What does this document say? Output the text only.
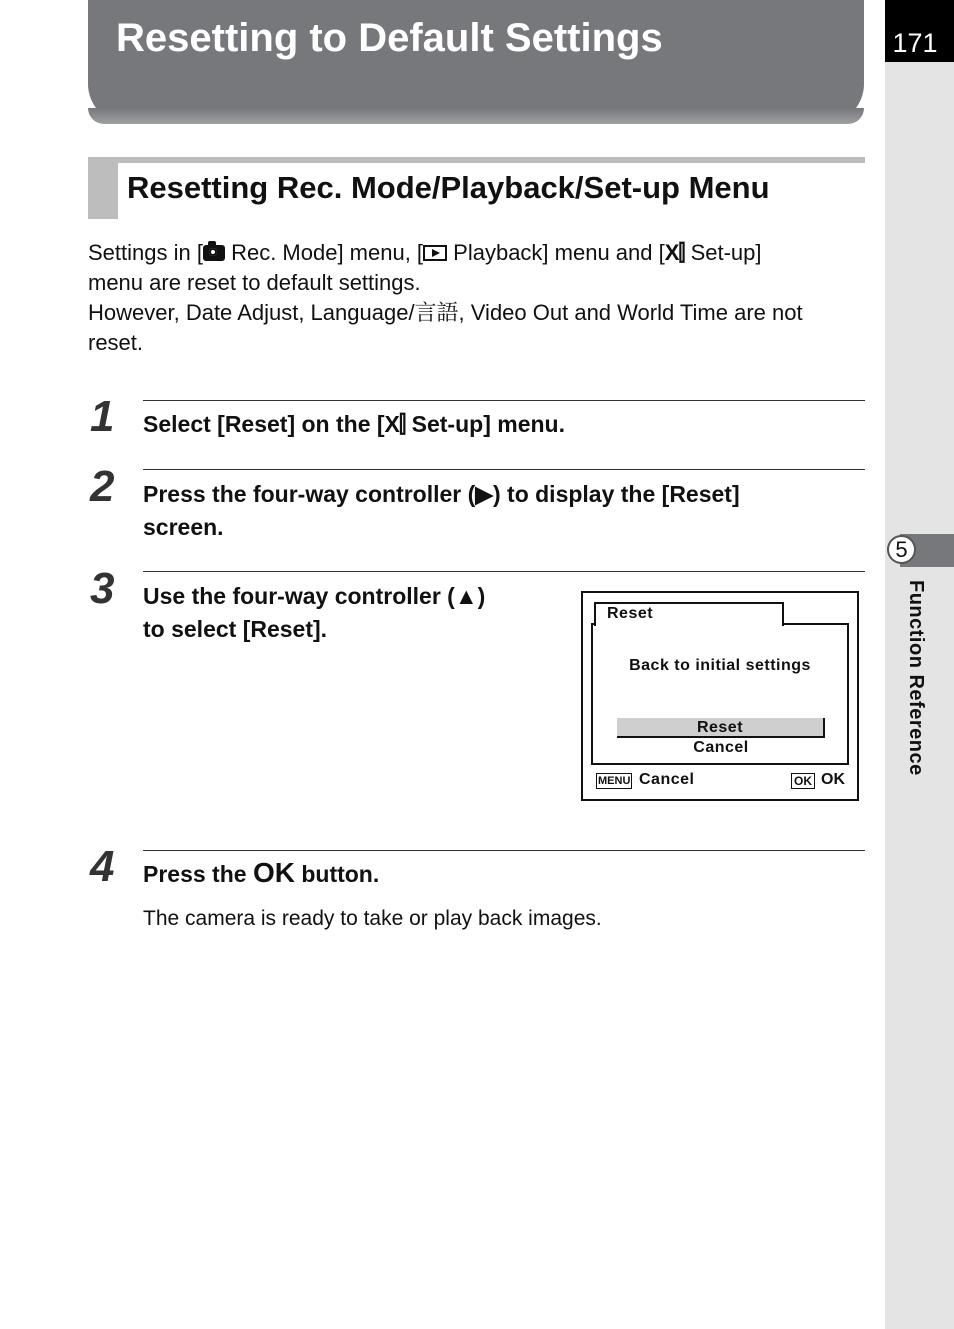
Resetting to Default Settings	171
5
Function Reference
Resetting Rec. Mode/Playback/Set-up Menu

Settings in [ Rec. Mode] menu, [ Playback] menu and [X⫿ Set-up]

menu are reset to default settings.

However, Date Adjust, Language/言語, Video Out and World Time are not

reset.

1 Select [Reset] on the [X⫿ Set-up] menu.
2 Press the four-way controller (▶) to display the [Reset]
screen.
3 Use the four-way controller (▲)
to select [Reset].
Reset
Back to initial settings
Reset
Cancel
MENU Cancel	OK OK
4 Press the OK button.
The camera is ready to take or play back images.
